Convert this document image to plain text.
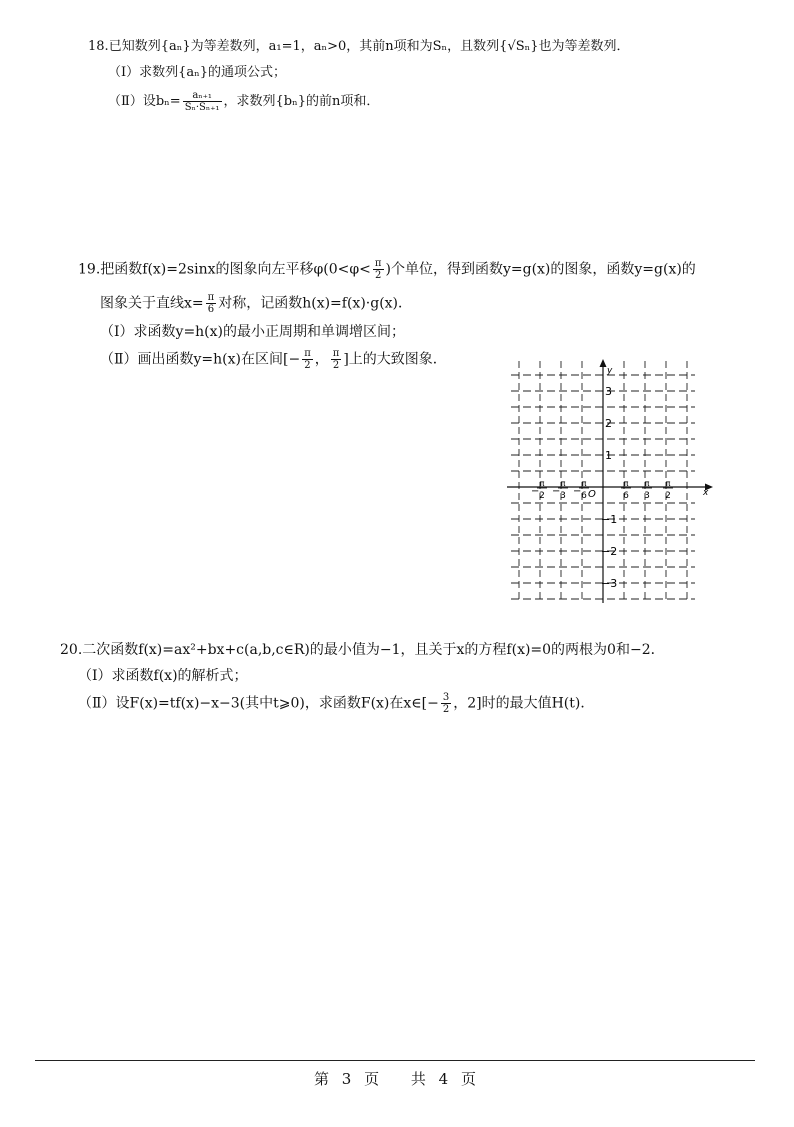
18.已知数列{aₙ}为等差数列，a₁=1，aₙ>0，其前n项和为Sₙ，且数列{√Sₙ}也为等差数列．
（Ⅰ）求数列{aₙ}的通项公式；
（Ⅱ）设$b_n= \frac{\text{aₙ₊₁}}{\text{Sₙ·Sₙ₊₁}}$ ，求数列{bₙ}的前n项和．
19.把函数f(x)=2sinx的图象向左平移$\varphi(0<\varphi< \frac{\pi}{2}$ )个单位，得到函数y=g(x)的图象，函数y=g(x)的
图象关于直线$x= \frac{\pi}{6}$ 对称，记函数h(x)=f(x)·g(x)．
（Ⅰ）求函数y=h(x)的最小正周期和单调增区间；
（Ⅱ）画出函数y=h(x)在区间[− $\frac{\pi}{2}$ ， $\frac{\pi}{2}$ ]上的大致图象．
x
y
O
3
2
1
−1
−2
−3
π
2
−
π
3
−
π
6
−
π
6
π
3
π
2
20.二次函数f(x)=ax²+bx+c(a,b,c∈R)的最小值为−1，且关于x的方程f(x)=0的两根为0和−2．
（Ⅰ）求函数f(x)的解析式；
（Ⅱ）设F(x)=tf(x)−x−3(其中t⩾0)，求函数F(x)在x∈[− $\frac{3}{2}$ ，2]时的最大值H(t)．
第 3 页　 共 4 页
